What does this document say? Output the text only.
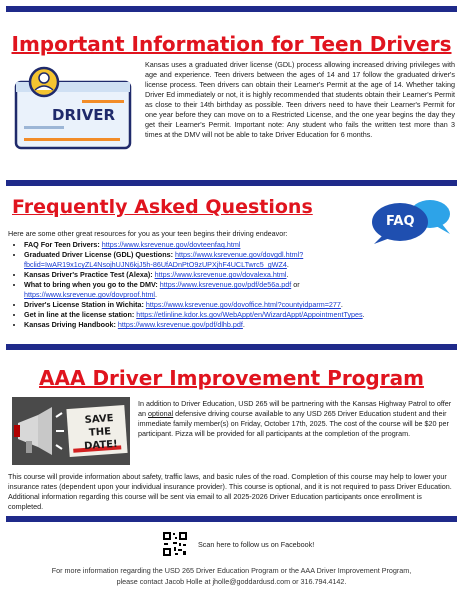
Important Information for Teen Drivers
DRIVER

Kansas uses a graduated driver license (GDL) process allowing increased driving privileges with age and experience. Teen drivers between the ages of 14 and 17 follow the graduated driver's license process. Teen drivers can obtain their Learner's Permit at the age of 14. Whether taking Driver Ed immediately or not, it is highly recommended that students obtain their Learner's Permit as close to their 14th birthday as possible. Teen drivers need to have their Learner's Permit for one year before they can move on to a Restricted License, and the one year begins the day they get their Learner's Permit. Important note: Any student who fails the written test more than 3 times at the DMV will not be able to take Driver Education for 6 months.

Frequently Asked Questions
FAQ
Here are some other great resources for you as your teen begins their driving endeavor:
• FAQ For Teen Drivers: https://www.ksrevenue.gov/dovteenfaq.html
• Graduated Driver License (GDL) Questions: https://www.ksrevenue.gov/dovgdl.html?fbclid=IwAR19x1cyZL4NsojhUJN6kjJ5h-86UfADnPtO9zUPXjhF4UCLTwrc5_gWZ4.
• Kansas Driver's Practice Test (Alexa): https://www.ksrevenue.gov/dovalexa.html.
• What to bring when you go to the DMV: https://www.ksrevenue.gov/pdf/de56a.pdf or https://www.ksrevenue.gov/dovproof.html.
• Driver's License Station in Wichita: https://www.ksrevenue.gov/dovoffice.html?countyidparm=277.
• Get in line at the license station: https://etlinline.kdor.ks.gov/WebAppt/en/WizardAppt/AppointmentTypes.
• Kansas Driving Handbook: https://www.ksrevenue.gov/pdf/dlhb.pdf.
AAA Driver Improvement Program
SAVE THE DATE!

In addition to Driver Education, USD 265 will be partnering with the Kansas Highway Patrol to offer an optional defensive driving course available to any USD 265 Driver Education student and their immediate family member(s) on Friday, October 17th, 2025. The cost of the course will be $20 per participant. Pizza will be provided for all participants at the completion of the program.

This course will provide information about safety, traffic laws, and basic rules of the road. Completion of this course may help to lower your insurance rates (dependent upon your individual insurance provider). This course is optional, and it is not required to pass Driver Education. Additional information regarding this course will be sent via email to all 2025-2026 Driver Education participants once enrollment is completed.

Scan here to follow us on Facebook!
For more information regarding the USD 265 Driver Education Program or the AAA Driver Improvement Program,
please contact Jacob Holle at jholle@goddardusd.com or 316.794.4142.
